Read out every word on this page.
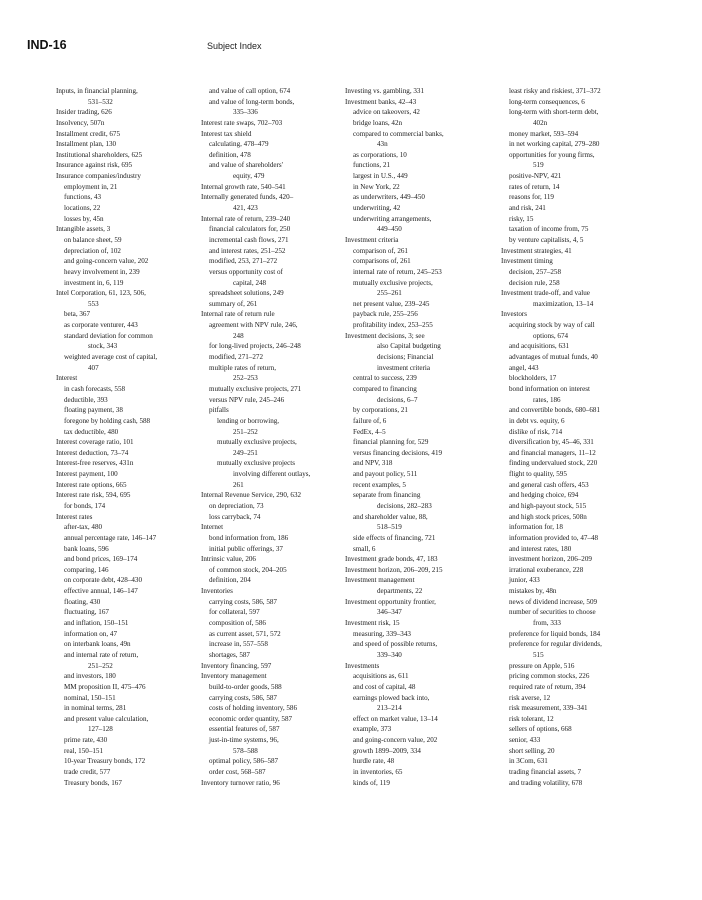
IND-16	Subject Index
Inputs, in financial planning,
531–532
Insider trading, 626
Insolvency, 507n
Installment credit, 675
Installment plan, 130
Institutional shareholders, 625
Insurance against risk, 695
Insurance companies/industry
employment in, 21
functions, 43
locations, 22
losses by, 45n
Intangible assets, 3
on balance sheet, 59
depreciation of, 102
and going-concern value, 202
heavy involvement in, 239
investment in, 6, 119
Intel Corporation, 61, 123, 506,
553
beta, 367
as corporate venturer, 443
standard deviation for common
stock, 343
weighted average cost of capital,
407
Interest
in cash forecasts, 558
deductible, 393
floating payment, 38
foregone by holding cash, 588
tax deductible, 480
Interest coverage ratio, 101
Interest deduction, 73–74
Interest-free reserves, 431n
Interest payment, 100
Interest rate options, 665
Interest rate risk, 594, 695
for bonds, 174
Interest rates
after-tax, 480
annual percentage rate, 146–147
bank loans, 596
and bond prices, 169–174
comparing, 146
on corporate debt, 428–430
effective annual, 146–147
floating, 430
fluctuating, 167
and inflation, 150–151
information on, 47
on interbank loans, 49n
and internal rate of return,
251–252
and investors, 180
MM proposition II, 475–476
nominal, 150–151
in nominal terms, 281
and present value calculation,
127–128
prime rate, 430
real, 150–151
10-year Treasury bonds, 172
trade credit, 577
Treasury bonds, 167
and value of call option, 674
and value of long-term bonds,
335–336
Interest rate swaps, 702–703
Interest tax shield
calculating, 478–479
definition, 478
and value of shareholders'
equity, 479
Internal growth rate, 540–541
Internally generated funds, 420–
421, 423
Internal rate of return, 239–240
financial calculators for, 250
incremental cash flows, 271
and interest rates, 251–252
modified, 253, 271–272
versus opportunity cost of
capital, 248
spreadsheet solutions, 249
summary of, 261
Internal rate of return rule
agreement with NPV rule, 246,
248
for long-lived projects, 246–248
modified, 271–272
multiple rates of return,
252–253
mutually exclusive projects, 271
versus NPV rule, 245–246
pitfalls
lending or borrowing,
251–252
mutually exclusive projects,
249–251
mutually exclusive projects
involving different outlays,
261
Internal Revenue Service, 290, 632
on depreciation, 73
loss carryback, 74
Internet
bond information from, 186
initial public offerings, 37
Intrinsic value, 206
of common stock, 204–205
definition, 204
Inventories
carrying costs, 586, 587
for collateral, 597
composition of, 586
as current asset, 571, 572
increase in, 557–558
shortages, 587
Inventory financing, 597
Inventory management
build-to-order goods, 588
carrying costs, 586, 587
costs of holding inventory, 586
economic order quantity, 587
essential features of, 587
just-in-time systems, 96,
578–588
optimal policy, 586–587
order cost, 568–587
Inventory turnover ratio, 96
Investing vs. gambling, 331
Investment banks, 42–43
advice on takeovers, 42
bridge loans, 42n
compared to commercial banks,
43n
as corporations, 10
functions, 21
largest in U.S., 449
in New York, 22
as underwriters, 449–450
underwriting, 42
underwriting arrangements,
449–450
Investment criteria
comparison of, 261
comparisons of, 261
internal rate of return, 245–253
mutually exclusive projects,
255–261
net present value, 239–245
payback rule, 255–256
profitability index, 253–255
Investment decisions, 3; see
also Capital budgeting
decisions; Financial
investment criteria
central to success, 239
compared to financing
decisions, 6–7
by corporations, 21
failure of, 6
FedEx, 4–5
financial planning for, 529
versus financing decisions, 419
and NPV, 318
and payout policy, 511
recent examples, 5
separate from financing
decisions, 282–283
and shareholder value, 88,
518–519
side effects of financing, 721
small, 6
Investment grade bonds, 47, 183
Investment horizon, 206–209, 215
Investment management
departments, 22
Investment opportunity frontier,
346–347
Investment risk, 15
measuring, 339–343
and speed of possible returns,
339–340
Investments
acquisitions as, 611
and cost of capital, 48
earnings plowed back into,
213–214
effect on market value, 13–14
example, 373
and going-concern value, 202
growth 1899–2009, 334
hurdle rate, 48
in inventories, 65
kinds of, 119
least risky and riskiest, 371–372
long-term consequences, 6
long-term with short-term debt,
402n
money market, 593–594
in net working capital, 279–280
opportunities for young firms,
519
positive-NPV, 421
rates of return, 14
reasons for, 119
and risk, 241
risky, 15
taxation of income from, 75
by venture capitalists, 4, 5
Investment strategies, 41
Investment timing
decision, 257–258
decision rule, 258
Investment trade-off, and value
maximization, 13–14
Investors
acquiring stock by way of call
options, 674
and acquisitions, 631
advantages of mutual funds, 40
angel, 443
blockholders, 17
bond information on interest
rates, 186
and convertible bonds, 680–681
in debt vs. equity, 6
dislike of risk, 714
diversification by, 45–46, 331
and financial managers, 11–12
finding undervalued stock, 220
flight to quality, 595
and general cash offers, 453
and hedging choice, 694
and high-payout stock, 515
and high stock prices, 508n
information for, 18
information provided to, 47–48
and interest rates, 180
investment horizon, 206–209
irrational exuberance, 228
junior, 433
mistakes by, 48n
news of dividend increase, 509
number of securities to choose
from, 333
preference for liquid bonds, 184
preference for regular dividends,
515
pressure on Apple, 516
pricing common stocks, 226
required rate of return, 394
risk averse, 12
risk measurement, 339–341
risk tolerant, 12
sellers of options, 668
senior, 433
short selling, 20
in 3Com, 631
trading financial assets, 7
and trading volatility, 678
